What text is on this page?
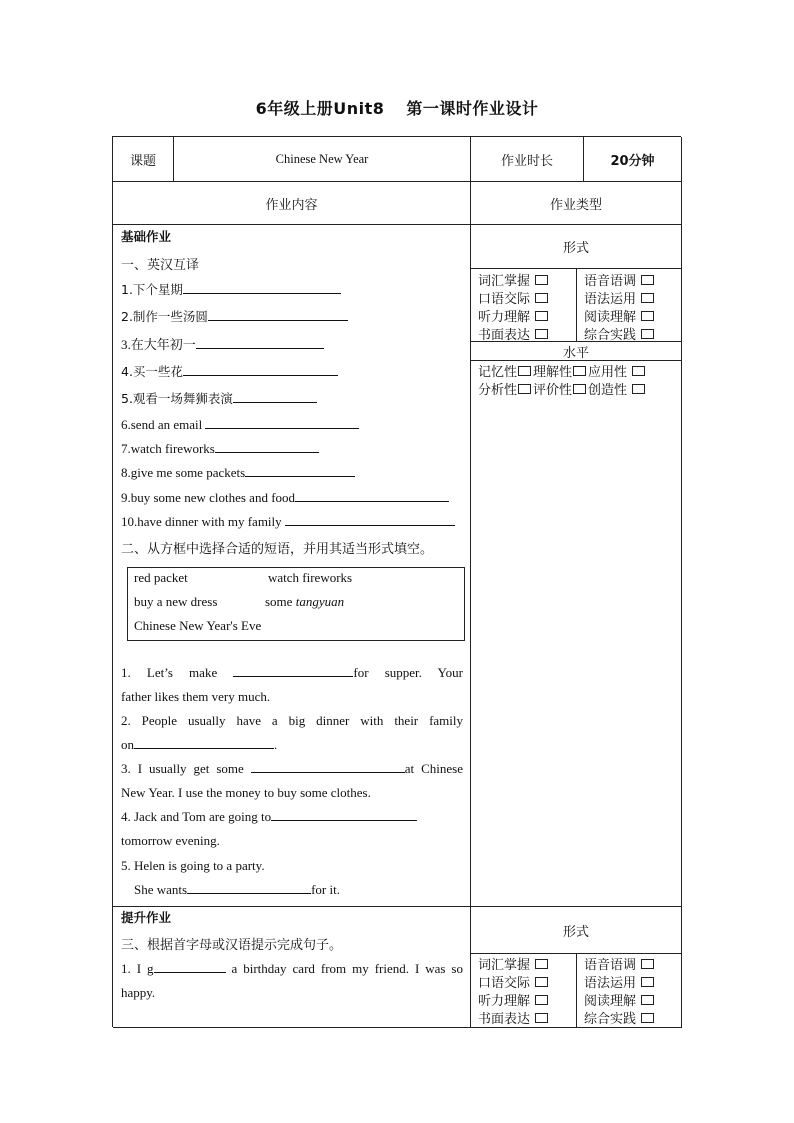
6年级上册Unit8 第一课时作业设计
课题	Chinese New Year	作业时长	20分钟
作业内容	作业类型
基础作业
一、英汉互译
1.下个星期
2.制作一些汤圆
3.在大年初一
4.买一些花
5.观看一场舞狮表演
6.send an email
7.watch fireworks
8.give me some packets
9.buy some new clothes and food
10.have dinner with my family
二、从方框中选择合适的短语，并用其适当形式填空。
red packet	watch fireworks
buy a new dress	some tangyuan
Chinese New Year's Eve
1. Let’s make	for supper. Your
father likes them very much.
2. People usually have a big dinner with their family
on	.
3. I usually get some	at Chinese
New Year. I use the money to buy some clothes.
4. Jack and Tom are going to
tomorrow evening.
5. Helen is going to a party.
She wants	for it.
形式
词汇掌握	语音语调
口语交际	语法运用
听力理解	阅读理解
书面表达	综合实践
水平
记忆性 理解性 应用性
分析性 评价性 创造性
提升作业
三、根据首字母或汉语提示完成句子。
1. I g	a birthday card from my friend. I was so
happy.
形式
词汇掌握	语音语调
口语交际	语法运用
听力理解	阅读理解
书面表达	综合实践
